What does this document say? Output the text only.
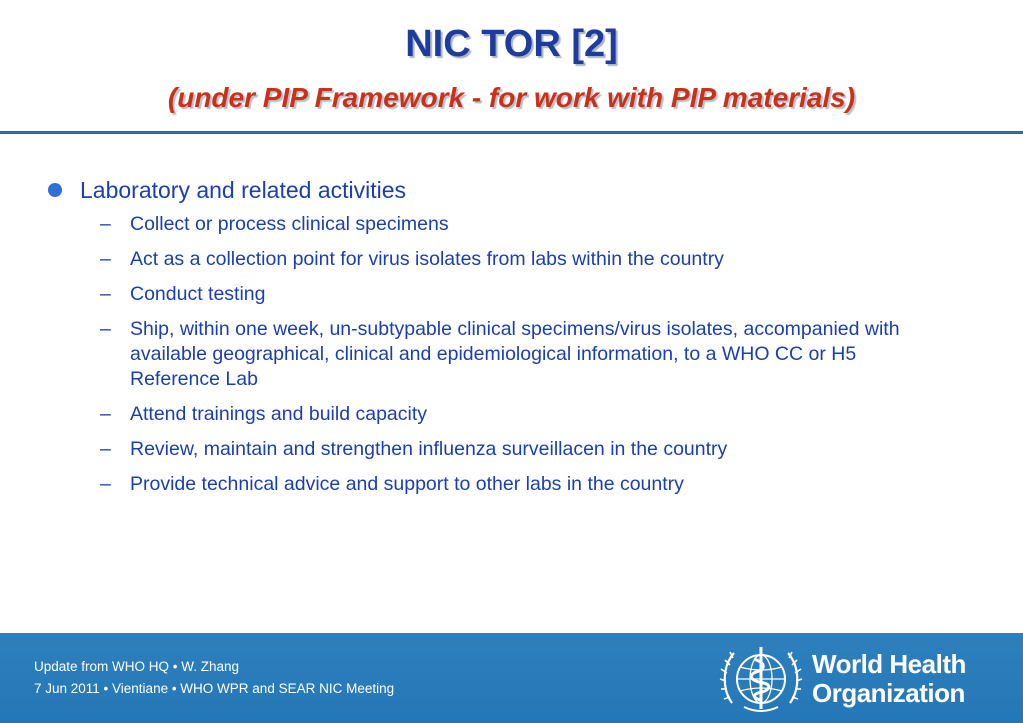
NIC TOR [2]
(under PIP Framework - for work with PIP materials)
Laboratory and related activities
– Collect or process clinical specimens
– Act as a collection point for virus isolates from labs within the country
– Conduct testing
– Ship, within one week, un-subtypable clinical specimens/virus isolates, accompanied with available geographical, clinical and epidemiological information, to a WHO CC or H5 Reference Lab
– Attend trainings and build capacity
– Review, maintain and strengthen influenza surveillacen in the country
– Provide technical advice and support to other labs in the country
Update from WHO HQ • W. Zhang
7 Jun 2011 • Vientiane • WHO WPR and SEAR NIC Meeting
World Health
Organization
